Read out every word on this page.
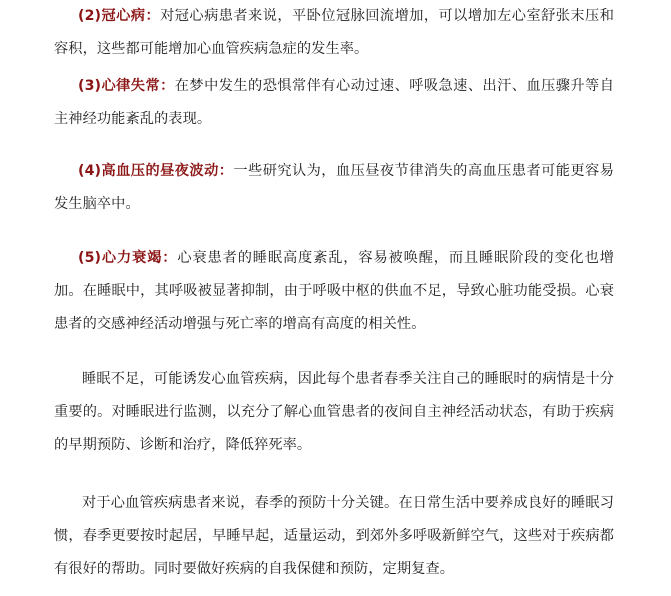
(2)冠心病：对冠心病患者来说，平卧位冠脉回流增加，可以增加左心室舒张末压和容积，这些都可能增加心血管疾病急症的发生率。

(3)心律失常：在梦中发生的恐惧常伴有心动过速、呼吸急速、出汗、血压骤升等自主神经功能紊乱的表现。

(4)高血压的昼夜波动：一些研究认为，血压昼夜节律消失的高血压患者可能更容易发生脑卒中。

(5)心力衰竭：心衰患者的睡眠高度紊乱，容易被唤醒，而且睡眠阶段的变化也增加。在睡眠中，其呼吸被显著抑制，由于呼吸中枢的供血不足，导致心脏功能受损。心衰患者的交感神经活动增强与死亡率的增高有高度的相关性。

睡眠不足，可能诱发心血管疾病，因此每个患者春季关注自己的睡眠时的病情是十分重要的。对睡眠进行监测，以充分了解心血管患者的夜间自主神经活动状态，有助于疾病的早期预防、诊断和治疗，降低猝死率。

对于心血管疾病患者来说，春季的预防十分关键。在日常生活中要养成良好的睡眠习惯，春季更要按时起居，早睡早起，适量运动，到郊外多呼吸新鲜空气，这些对于疾病都有很好的帮助。同时要做好疾病的自我保健和预防，定期复查。
